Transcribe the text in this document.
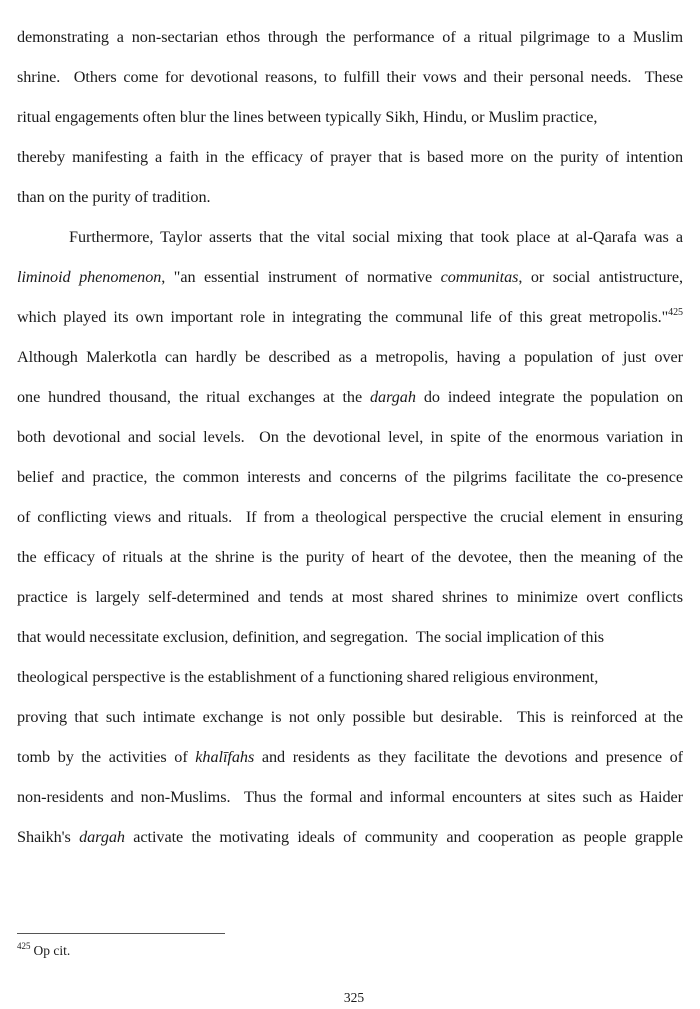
demonstrating a non-sectarian ethos through the performance of a ritual pilgrimage to a Muslim
shrine.  Others come for devotional reasons, to fulfill their vows and their personal needs.  These
ritual engagements often blur the lines between typically Sikh, Hindu, or Muslim practice,
thereby manifesting a faith in the efficacy of prayer that is based more on the purity of intention
than on the purity of tradition.
Furthermore, Taylor asserts that the vital social mixing that took place at al-Qarafa was a
liminoid phenomenon, "an essential instrument of normative communitas, or social antistructure,
which played its own important role in integrating the communal life of this great metropolis."$^{425}$
Although Malerkotla can hardly be described as a metropolis, having a population of just over
one hundred thousand, the ritual exchanges at the dargah do indeed integrate the population on
both devotional and social levels.  On the devotional level, in spite of the enormous variation in
belief and practice, the common interests and concerns of the pilgrims facilitate the co-presence
of conflicting views and rituals.  If from a theological perspective the crucial element in ensuring
the efficacy of rituals at the shrine is the purity of heart of the devotee, then the meaning of the
practice is largely self-determined and tends at most shared shrines to minimize overt conflicts
that would necessitate exclusion, definition, and segregation.  The social implication of this
theological perspective is the establishment of a functioning shared religious environment,
proving that such intimate exchange is not only possible but desirable.  This is reinforced at the
tomb by the activities of khalīfahs and residents as they facilitate the devotions and presence of
non-residents and non-Muslims.  Thus the formal and informal encounters at sites such as Haider
Shaikh's dargah activate the motivating ideals of community and cooperation as people grapple
$^{425}$ Op cit.
325
